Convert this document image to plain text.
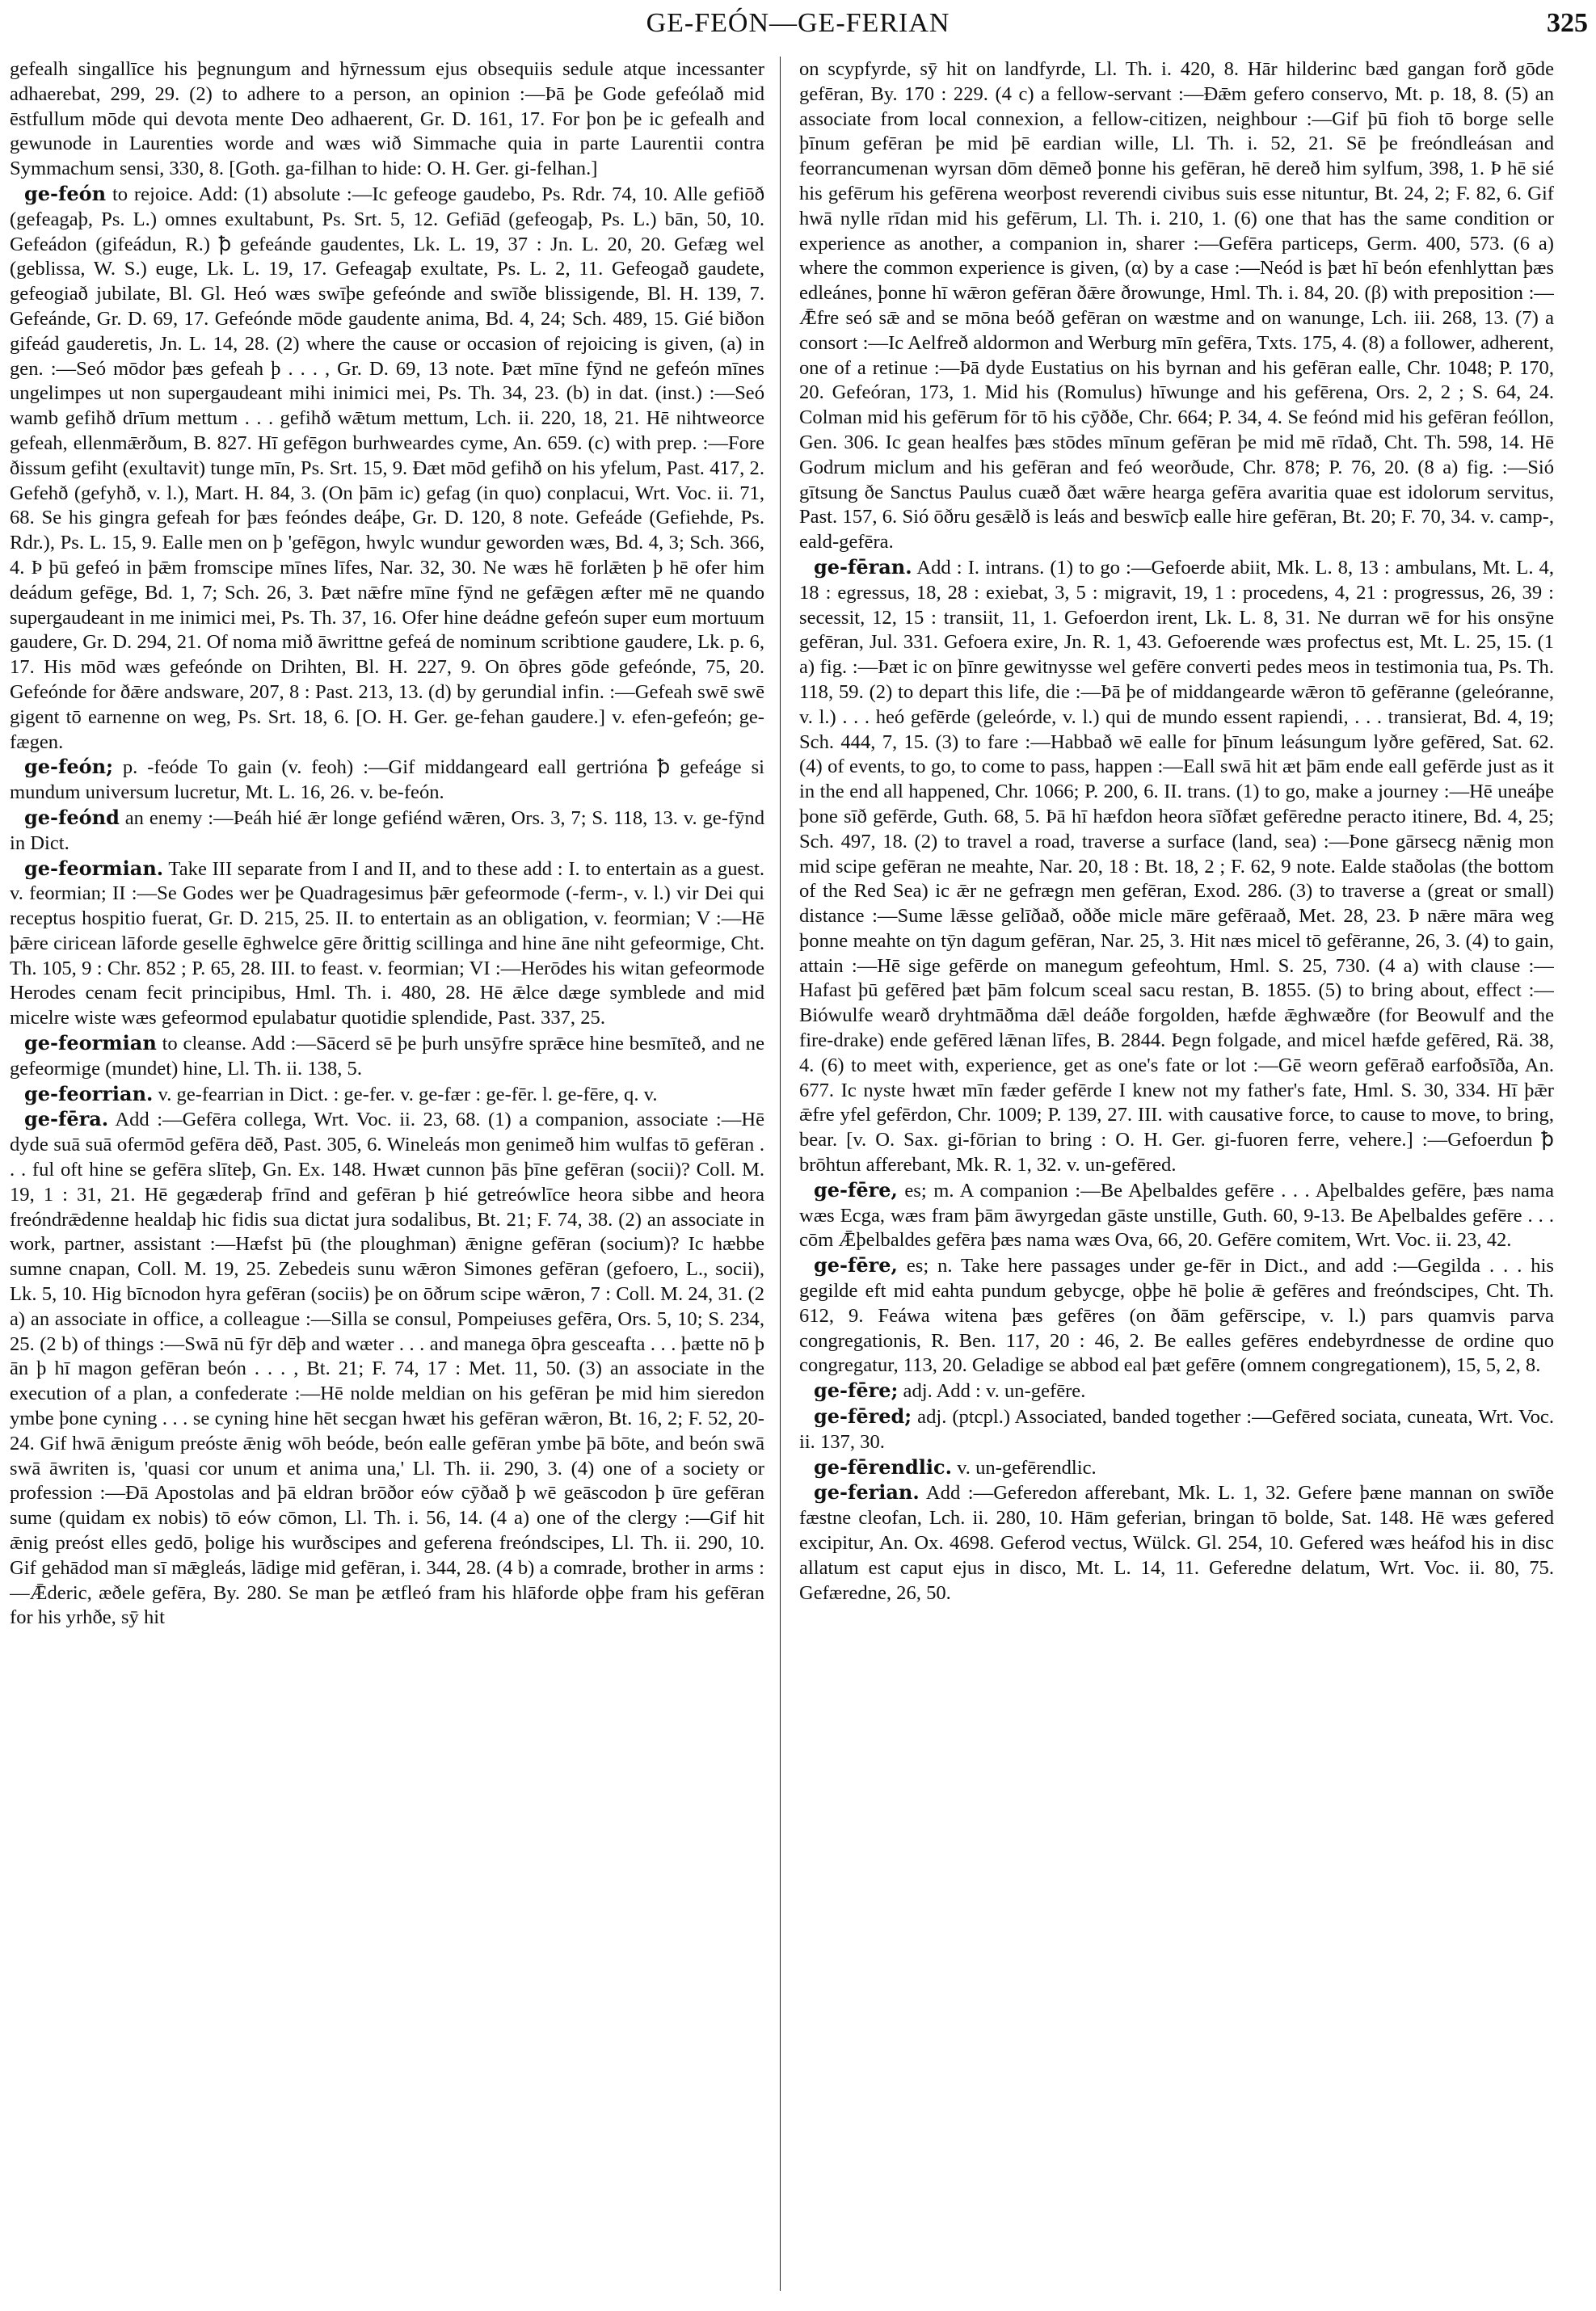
GE-FEÓN—GE-FERIAN	325

gefealh singallīce his þegnungum and hȳrnessum ejus obsequiis sedule atque incessanter adhaerebat, 299, 29. (2) to adhere to a person, an opinion :—Þā þe Gode gefeólað mid ēstfullum mōde qui devota mente Deo adhaerent, Gr. D. 161, 17. For þon þe ic gefealh and gewunode in Laurenties worde and wæs wið Simmache quia in parte Laurentii contra Symmachum sensi, 330, 8. [Goth. ga-filhan to hide: O. H. Ger. gi-felhan.]

ge-feón to rejoice. Add: (1) absolute :—Ic gefeoge gaudebo, Ps. Rdr. 74, 10. Alle gefiōð (gefeagaþ, Ps. L.) omnes exultabunt, Ps. Srt. 5, 12. Gefiād (gefeogaþ, Ps. L.) bān, 50, 10. Gefeádon (gifeádun, R.) ꝥ gefeánde gaudentes, Lk. L. 19, 37 : Jn. L. 20, 20. Gefæg wel (geblissa, W. S.) euge, Lk. L. 19, 17. Gefeagaþ exultate, Ps. L. 2, 11. Gefeogað gaudete, gefeogiað jubilate, Bl. Gl. Heó wæs swīþe gefeónde and swīðe blissigende, Bl. H. 139, 7. Gefeánde, Gr. D. 69, 17. Gefeónde mōde gaudente anima, Bd. 4, 24; Sch. 489, 15. Gié biðon gifeád gauderetis, Jn. L. 14, 28. (2) where the cause or occasion of rejoicing is given, (a) in gen. :—Seó mōdor þæs gefeah þ . . . , Gr. D. 69, 13 note. Þæt mīne fȳnd ne gefeón mīnes ungelimpes ut non supergaudeant mihi inimici mei, Ps. Th. 34, 23. (b) in dat. (inst.) :—Seó wamb gefihð drīum mettum . . . gefihð wǣtum mettum, Lch. ii. 220, 18, 21. Hē nihtweorce gefeah, ellenmǣrðum, B. 827. Hī gefēgon burhweardes cyme, An. 659. (c) with prep. :—Fore ðissum gefiht (exultavit) tunge mīn, Ps. Srt. 15, 9. Ðæt mōd gefihð on his yfelum, Past. 417, 2. Gefehð (gefyhð, v. l.), Mart. H. 84, 3. (On þām ic) gefag (in quo) conplacui, Wrt. Voc. ii. 71, 68. Se his gingra gefeah for þæs feóndes deáþe, Gr. D. 120, 8 note. Gefeáde (Gefiehde, Ps. Rdr.), Ps. L. 15, 9. Ealle men on þ 'gefēgon, hwylc wundur geworden wæs, Bd. 4, 3; Sch. 366, 4. Þ þū gefeó in þǣm fromscipe mīnes līfes, Nar. 32, 30. Ne wæs hē forlǣten þ hē ofer him deádum gefēge, Bd. 1, 7; Sch. 26, 3. Þæt nǣfre mīne fȳnd ne gefǣgen æfter mē ne quando supergaudeant in me inimici mei, Ps. Th. 37, 16. Ofer hine deádne gefeón super eum mortuum gaudere, Gr. D. 294, 21. Of noma mið āwrittne gefeá de nominum scribtione gaudere, Lk. p. 6, 17. His mōd wæs gefeónde on Drihten, Bl. H. 227, 9. On ōþres gōde gefeónde, 75, 20. Gefeónde for ðǣre andsware, 207, 8 : Past. 213, 13. (d) by gerundial infin. :—Gefeah swē swē gigent tō earnenne on weg, Ps. Srt. 18, 6. [O. H. Ger. ge-fehan gaudere.] v. efen-gefeón; ge-fægen.

ge-feón; p. -feóde To gain (v. feoh) :—Gif middangeard eall gertrióna ꝥ gefeáge si mundum universum lucretur, Mt. L. 16, 26. v. be-feón.

ge-feónd an enemy :—Þeáh hié ǣr longe gefiénd wǣren, Ors. 3, 7; S. 118, 13. v. ge-fȳnd in Dict.

ge-feormian. Take III separate from I and II, and to these add : I. to entertain as a guest. v. feormian; II :—Se Godes wer þe Quadragesimus þǣr gefeormode (-ferm-, v. l.) vir Dei qui receptus hospitio fuerat, Gr. D. 215, 25. II. to entertain as an obligation, v. feormian; V :—Hē þǣre ciricean lāforde geselle ēghwelce gēre ðrittig scillinga and hine āne niht gefeormige, Cht. Th. 105, 9 : Chr. 852 ; P. 65, 28. III. to feast. v. feormian; VI :—Herōdes his witan gefeormode Herodes cenam fecit principibus, Hml. Th. i. 480, 28. Hē ǣlce dæge symblede and mid micelre wiste wæs gefeormod epulabatur quotidie splendide, Past. 337, 25.

ge-feormian to cleanse. Add :—Sācerd sē þe þurh unsȳfre sprǣce hine besmīteð, and ne gefeormige (mundet) hine, Ll. Th. ii. 138, 5.

ge-feorrian. v. ge-fearrian in Dict. : ge-fer. v. ge-fær : ge-fēr. l. ge-fēre, q. v.

ge-fēra. Add :—Gefēra collega, Wrt. Voc. ii. 23, 68. (1) a companion, associate :—Hē dyde suā suā ofermōd gefēra dēð, Past. 305, 6. Wineleás mon genimeð him wulfas tō gefēran . . . ful oft hine se gefēra slīteþ, Gn. Ex. 148. Hwæt cunnon þās þīne gefēran (socii)? Coll. M. 19, 1 : 31, 21. Hē gegæderaþ frīnd and gefēran þ hié getreówlīce heora sibbe and heora freóndrǣdenne healdaþ hic fidis sua dictat jura sodalibus, Bt. 21; F. 74, 38. (2) an associate in work, partner, assistant :—Hæfst þū (the ploughman) ǣnigne gefēran (socium)? Ic hæbbe sumne cnapan, Coll. M. 19, 25. Zebedeis sunu wǣron Simones gefēran (gefoero, L., socii), Lk. 5, 10. Hig bīcnodon hyra gefēran (sociis) þe on ōðrum scipe wǣron, 7 : Coll. M. 24, 31. (2 a) an associate in office, a colleague :—Silla se consul, Pompeiuses gefēra, Ors. 5, 10; S. 234, 25. (2 b) of things :—Swā nū fȳr dēþ and wæter . . . and manega ōþra gesceafta . . . þætte nō þ ān þ hī magon gefēran beón . . . , Bt. 21; F. 74, 17 : Met. 11, 50. (3) an associate in the execution of a plan, a confederate :—Hē nolde meldian on his gefēran þe mid him sieredon ymbe þone cyning . . . se cyning hine hēt secgan hwæt his gefēran wǣron, Bt. 16, 2; F. 52, 20-24. Gif hwā ǣnigum preóste ǣnig wōh beóde, beón ealle gefēran ymbe þā bōte, and beón swā swā āwriten is, 'quasi cor unum et anima una,' Ll. Th. ii. 290, 3. (4) one of a society or profession :—Ðā Apostolas and þā eldran brōðor eów cȳðað þ wē geāscodon þ ūre gefēran sume (quidam ex nobis) tō eów cōmon, Ll. Th. i. 56, 14. (4 a) one of the clergy :—Gif hit ǣnig preóst elles gedō, þolige his wurðscipes and geferena freóndscipes, Ll. Th. ii. 290, 10. Gif gehādod man sī mǣgleás, lādige mid gefēran, i. 344, 28. (4 b) a comrade, brother in arms :—Ǣderic, æðele gefēra, By. 280. Se man þe ætfleó fram his hlāforde oþþe fram his gefēran for his yrhðe, sȳ hit

on scypfyrde, sȳ hit on landfyrde, Ll. Th. i. 420, 8. Hār hilderinc bæd gangan forð gōde gefēran, By. 170 : 229. (4 c) a fellow-servant :—Ðǣm gefero conservo, Mt. p. 18, 8. (5) an associate from local connexion, a fellow-citizen, neighbour :—Gif þū fioh tō borge selle þīnum gefēran þe mid þē eardian wille, Ll. Th. i. 52, 21. Sē þe freóndleásan and feorrancumenan wyrsan dōm dēmeð þonne his gefēran, hē dereð him sylfum, 398, 1. Þ hē sié his gefērum his gefērena weorþost reverendi civibus suis esse nituntur, Bt. 24, 2; F. 82, 6. Gif hwā nylle rīdan mid his gefērum, Ll. Th. i. 210, 1. (6) one that has the same condition or experience as another, a companion in, sharer :—Gefēra particeps, Germ. 400, 573. (6 a) where the common experience is given, (α) by a case :—Neód is þæt hī beón efenhlyttan þæs edleánes, þonne hī wǣron gefēran ðǣre ðrowunge, Hml. Th. i. 84, 20. (β) with preposition :—Ǣfre seó sǣ and se mōna beóð gefēran on wæstme and on wanunge, Lch. iii. 268, 13. (7) a consort :—Ic Aelfreð aldormon and Werburg mīn gefēra, Txts. 175, 4. (8) a follower, adherent, one of a retinue :—Þā dyde Eustatius on his byrnan and his gefēran ealle, Chr. 1048; P. 170, 20. Gefeóran, 173, 1. Mid his (Romulus) hīwunge and his gefērena, Ors. 2, 2 ; S. 64, 24. Colman mid his gefērum fōr tō his cȳððe, Chr. 664; P. 34, 4. Se feónd mid his gefēran feóllon, Gen. 306. Ic gean healfes þæs stōdes mīnum gefēran þe mid mē rīdað, Cht. Th. 598, 14. Hē Godrum miclum and his gefēran and feó weorðude, Chr. 878; P. 76, 20. (8 a) fig. :—Sió gītsung ðe Sanctus Paulus cuæð ðæt wǣre hearga gefēra avaritia quae est idolorum servitus, Past. 157, 6. Sió ōðru gesǣlð is leás and beswīcþ ealle hire gefēran, Bt. 20; F. 70, 34. v. camp-, eald-gefēra.

ge-fēran. Add : I. intrans. (1) to go :—Gefoerde abiit, Mk. L. 8, 13 : ambulans, Mt. L. 4, 18 : egressus, 18, 28 : exiebat, 3, 5 : migravit, 19, 1 : procedens, 4, 21 : progressus, 26, 39 : secessit, 12, 15 : transiit, 11, 1. Gefoerdon irent, Lk. L. 8, 31. Ne durran wē for his onsȳne gefēran, Jul. 331. Gefoera exire, Jn. R. 1, 43. Gefoerende wæs profectus est, Mt. L. 25, 15. (1 a) fig. :—Þæt ic on þīnre gewitnysse wel gefēre converti pedes meos in testimonia tua, Ps. Th. 118, 59. (2) to depart this life, die :—Þā þe of middangearde wǣron tō gefēranne (geleóranne, v. l.) . . . heó gefērde (geleórde, v. l.) qui de mundo essent rapiendi, . . . transierat, Bd. 4, 19; Sch. 444, 7, 15. (3) to fare :—Habbað wē ealle for þīnum leásungum lyðre gefēred, Sat. 62. (4) of events, to go, to come to pass, happen :—Eall swā hit æt þām ende eall gefērde just as it in the end all happened, Chr. 1066; P. 200, 6. II. trans. (1) to go, make a journey :—Hē uneáþe þone sīð gefērde, Guth. 68, 5. Þā hī hæfdon heora sīðfæt gefēredne peracto itinere, Bd. 4, 25; Sch. 497, 18. (2) to travel a road, traverse a surface (land, sea) :—Þone gārsecg nǣnig mon mid scipe gefēran ne meahte, Nar. 20, 18 : Bt. 18, 2 ; F. 62, 9 note. Ealde staðolas (the bottom of the Red Sea) ic ǣr ne gefrægn men gefēran, Exod. 286. (3) to traverse a (great or small) distance :—Sume lǣsse gelīðað, oððe micle māre gefēraað, Met. 28, 23. Þ nǣre māra weg þonne meahte on tȳn dagum gefēran, Nar. 25, 3. Hit næs micel tō gefēranne, 26, 3. (4) to gain, attain :—Hē sige gefērde on manegum gefeohtum, Hml. S. 25, 730. (4 a) with clause :—Hafast þū gefēred þæt þām folcum sceal sacu restan, B. 1855. (5) to bring about, effect :—Biówulfe wearð dryhtmāðma dǣl deáðe forgolden, hæfde ǣghwæðre (for Beowulf and the fire-drake) ende gefēred lǣnan līfes, B. 2844. Þegn folgade, and micel hæfde gefēred, Rä. 38, 4. (6) to meet with, experience, get as one's fate or lot :—Gē weorn gefērað earfoðsīða, An. 677. Ic nyste hwæt mīn fæder gefērde I knew not my father's fate, Hml. S. 30, 334. Hī þǣr ǣfre yfel gefērdon, Chr. 1009; P. 139, 27. III. with causative force, to cause to move, to bring, bear. [v. O. Sax. gi-fōrian to bring : O. H. Ger. gi-fuoren ferre, vehere.] :—Gefoerdun ꝥ brōhtun afferebant, Mk. R. 1, 32. v. un-gefēred.

ge-fēre, es; m. A companion :—Be Aþelbaldes gefēre . . . Aþelbaldes gefēre, þæs nama wæs Ecga, wæs fram þām āwyrgedan gāste unstille, Guth. 60, 9-13. Be Aþelbaldes gefēre . . . cōm Ǣþelbaldes gefēra þæs nama wæs Ova, 66, 20. Gefēre comitem, Wrt. Voc. ii. 23, 42.

ge-fēre, es; n. Take here passages under ge-fēr in Dict., and add :—Gegilda . . . his gegilde eft mid eahta pundum gebycge, oþþe hē þolie ǣ gefēres and freóndscipes, Cht. Th. 612, 9. Feáwa witena þæs gefēres (on ðām gefērscipe, v. l.) pars quamvis parva congregationis, R. Ben. 117, 20 : 46, 2. Be ealles gefēres endebyrdnesse de ordine quo congregatur, 113, 20. Geladige se abbod eal þæt gefēre (omnem congregationem), 15, 5, 2, 8.

ge-fēre; adj. Add : v. un-gefēre.

ge-fēred; adj. (ptcpl.) Associated, banded together :—Gefēred sociata, cuneata, Wrt. Voc. ii. 137, 30.

ge-fērendlic. v. un-gefērendlic.

ge-ferian. Add :—Geferedon afferebant, Mk. L. 1, 32. Gefere þæne mannan on swīðe fæstne cleofan, Lch. ii. 280, 10. Hām geferian, bringan tō bolde, Sat. 148. Hē wæs gefered excipitur, An. Ox. 4698. Geferod vectus, Wülck. Gl. 254, 10. Gefered wæs heáfod his in disc allatum est caput ejus in disco, Mt. L. 14, 11. Geferedne delatum, Wrt. Voc. ii. 80, 75. Gefæredne, 26, 50.
